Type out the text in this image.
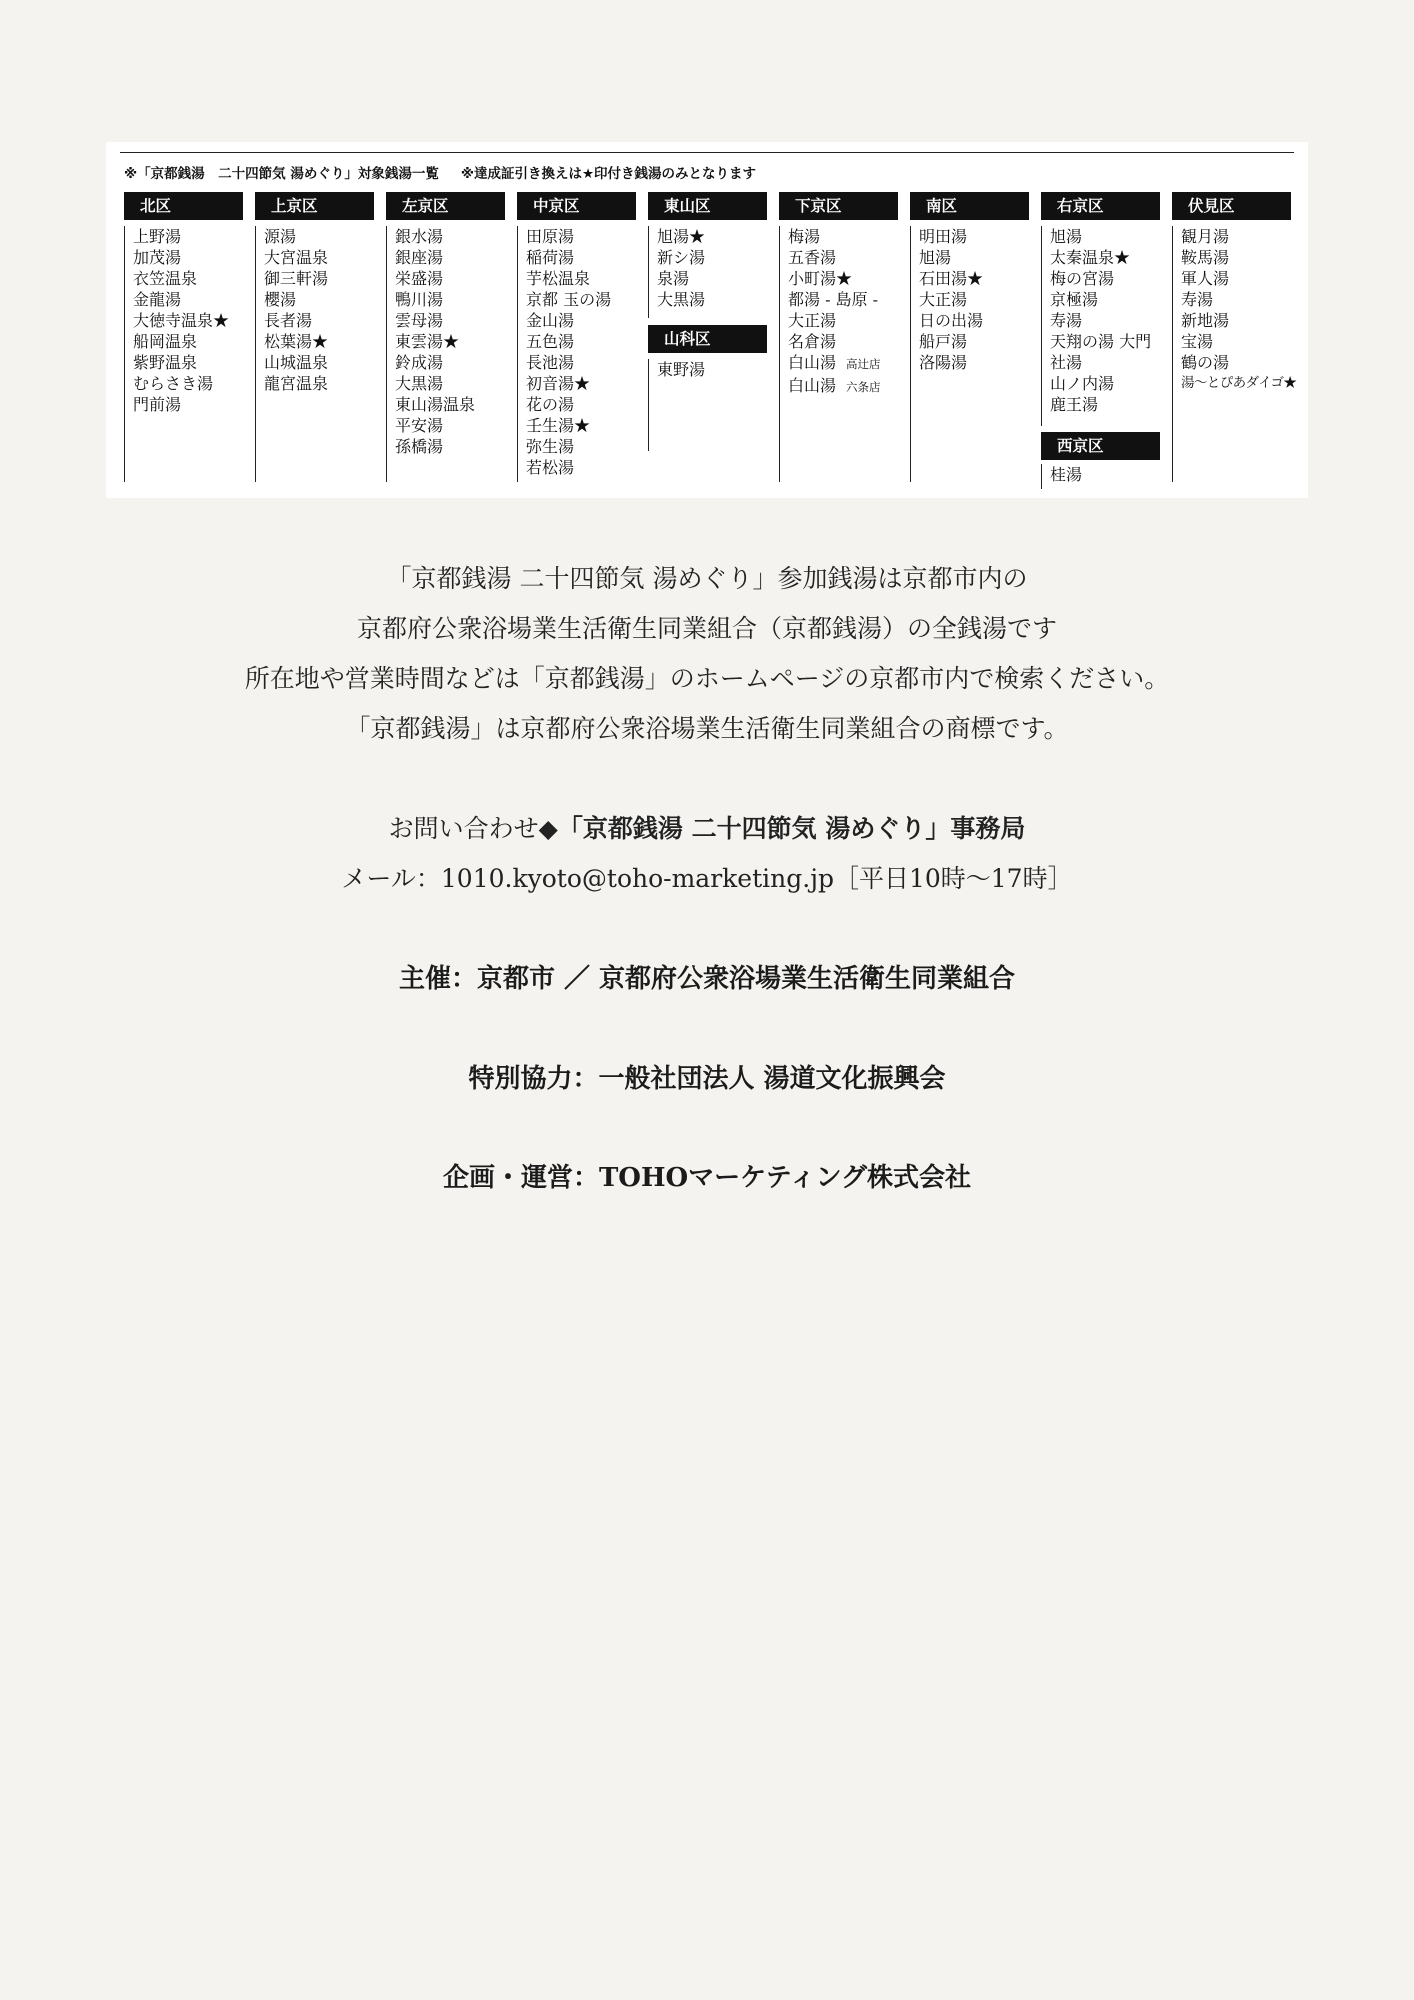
※「京都銭湯　二十四節気 湯めぐり」対象銭湯一覧 ※達成証引き換えは★印付き銭湯のみとなります
北区
上野湯
加茂湯
衣笠温泉
金龍湯
大徳寺温泉★
船岡温泉
紫野温泉
むらさき湯
門前湯
上京区
源湯
大宮温泉
御三軒湯
櫻湯
長者湯
松葉湯★
山城温泉
龍宮温泉
左京区
銀水湯
銀座湯
栄盛湯
鴨川湯
雲母湯
東雲湯★
鈴成湯
大黒湯
東山湯温泉
平安湯
孫橋湯
中京区
田原湯
稲荷湯
芋松温泉
京都 玉の湯
金山湯
五色湯
長池湯
初音湯★
花の湯
壬生湯★
弥生湯
若松湯
東山区
旭湯★
新シ湯
泉湯
大黒湯
山科区
東野湯
下京区
梅湯
五香湯
小町湯★
都湯 - 島原 -
大正湯
名倉湯
白山湯 高辻店
白山湯 六条店
南区
明田湯
旭湯
石田湯★
大正湯
日の出湯
船戸湯
洛陽湯
右京区
旭湯
太秦温泉★
梅の宮湯
京極湯
寿湯
天翔の湯 大門
社湯
山ノ内湯
鹿王湯
西京区
桂湯
伏見区
観月湯
鞍馬湯
軍人湯
寿湯
新地湯
宝湯
鶴の湯
湯～とぴあダイゴ★

「京都銭湯 二十四節気 湯めぐり」参加銭湯は京都市内の

京都府公衆浴場業生活衛生同業組合（京都銭湯）の全銭湯です

所在地や営業時間などは「京都銭湯」のホームページの京都市内で検索ください。

「京都銭湯」は京都府公衆浴場業生活衛生同業組合の商標です。

お問い合わせ◆「京都銭湯 二十四節気 湯めぐり」事務局

メール：1010.kyoto@toho-marketing.jp［平日10時～17時］

主催：京都市 ／ 京都府公衆浴場業生活衛生同業組合
特別協力：一般社団法人 湯道文化振興会
企画・運営：TOHOマーケティング株式会社
